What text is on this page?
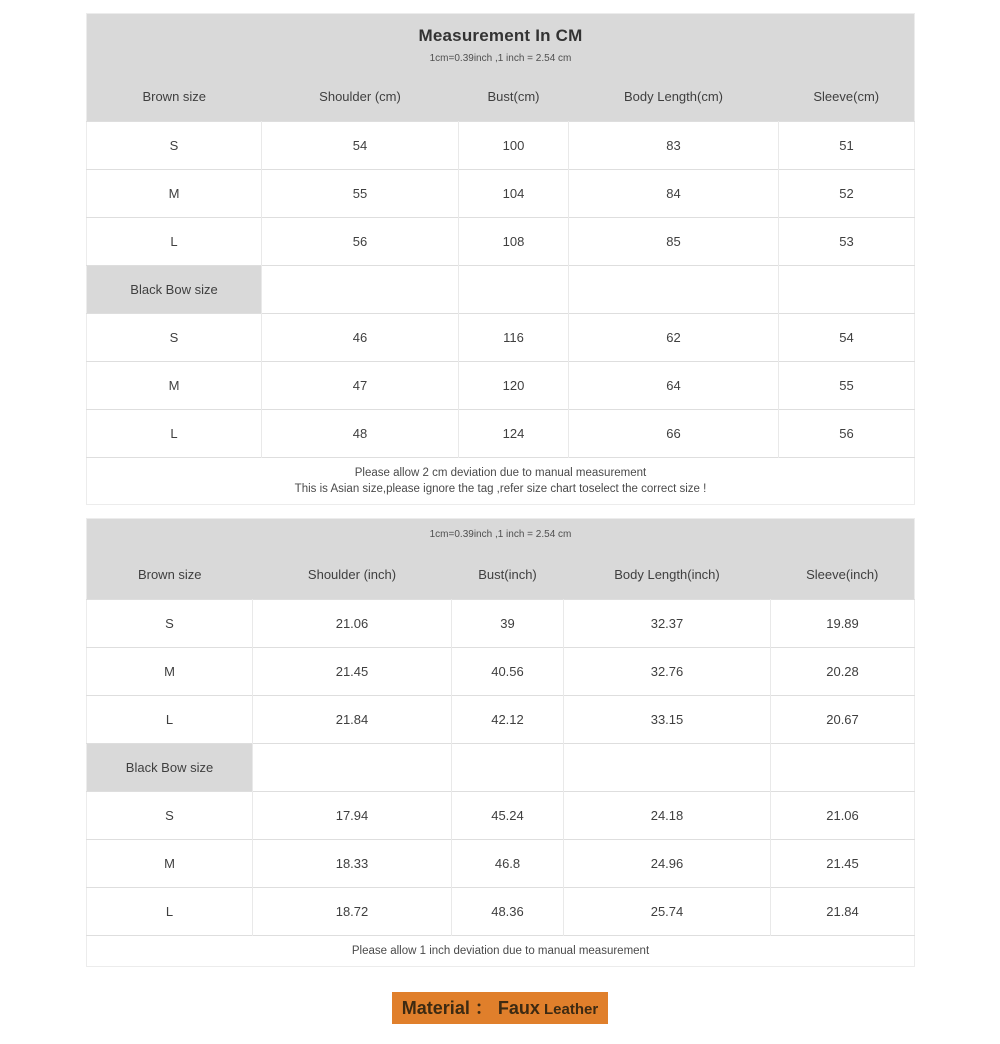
Measurement In CM
1cm=0.39inch ,1 inch = 2.54 cm				

Brown size	Shoulder (cm)	Bust(cm)	Body Length(cm)	Sleeve(cm)
S	54	100	83	51
M	55	104	84	52
L	56	108	85	53
Black Bow size				
S	46	116	62	54
M	47	120	64	55
L	48	124	66	56

Please allow 2 cm deviation due to manual measurement
This is Asian size,please ignore the tag ,refer size chart toselect the correct size !				
1cm=0.39inch ,1 inch = 2.54 cm				

Brown size	Shoulder (inch)	Bust(inch)	Body Length(inch)	Sleeve(inch)
S	21.06	39	32.37	19.89
M	21.45	40.56	32.76	20.28
L	21.84	42.12	33.15	20.67
Black Bow size				
S	17.94	45.24	24.18	21.06
M	18.33	46.8	24.96	21.45
L	18.72	48.36	25.74	21.84

Please allow 1 inch deviation due to manual measurement				
Material ： Faux Leather
